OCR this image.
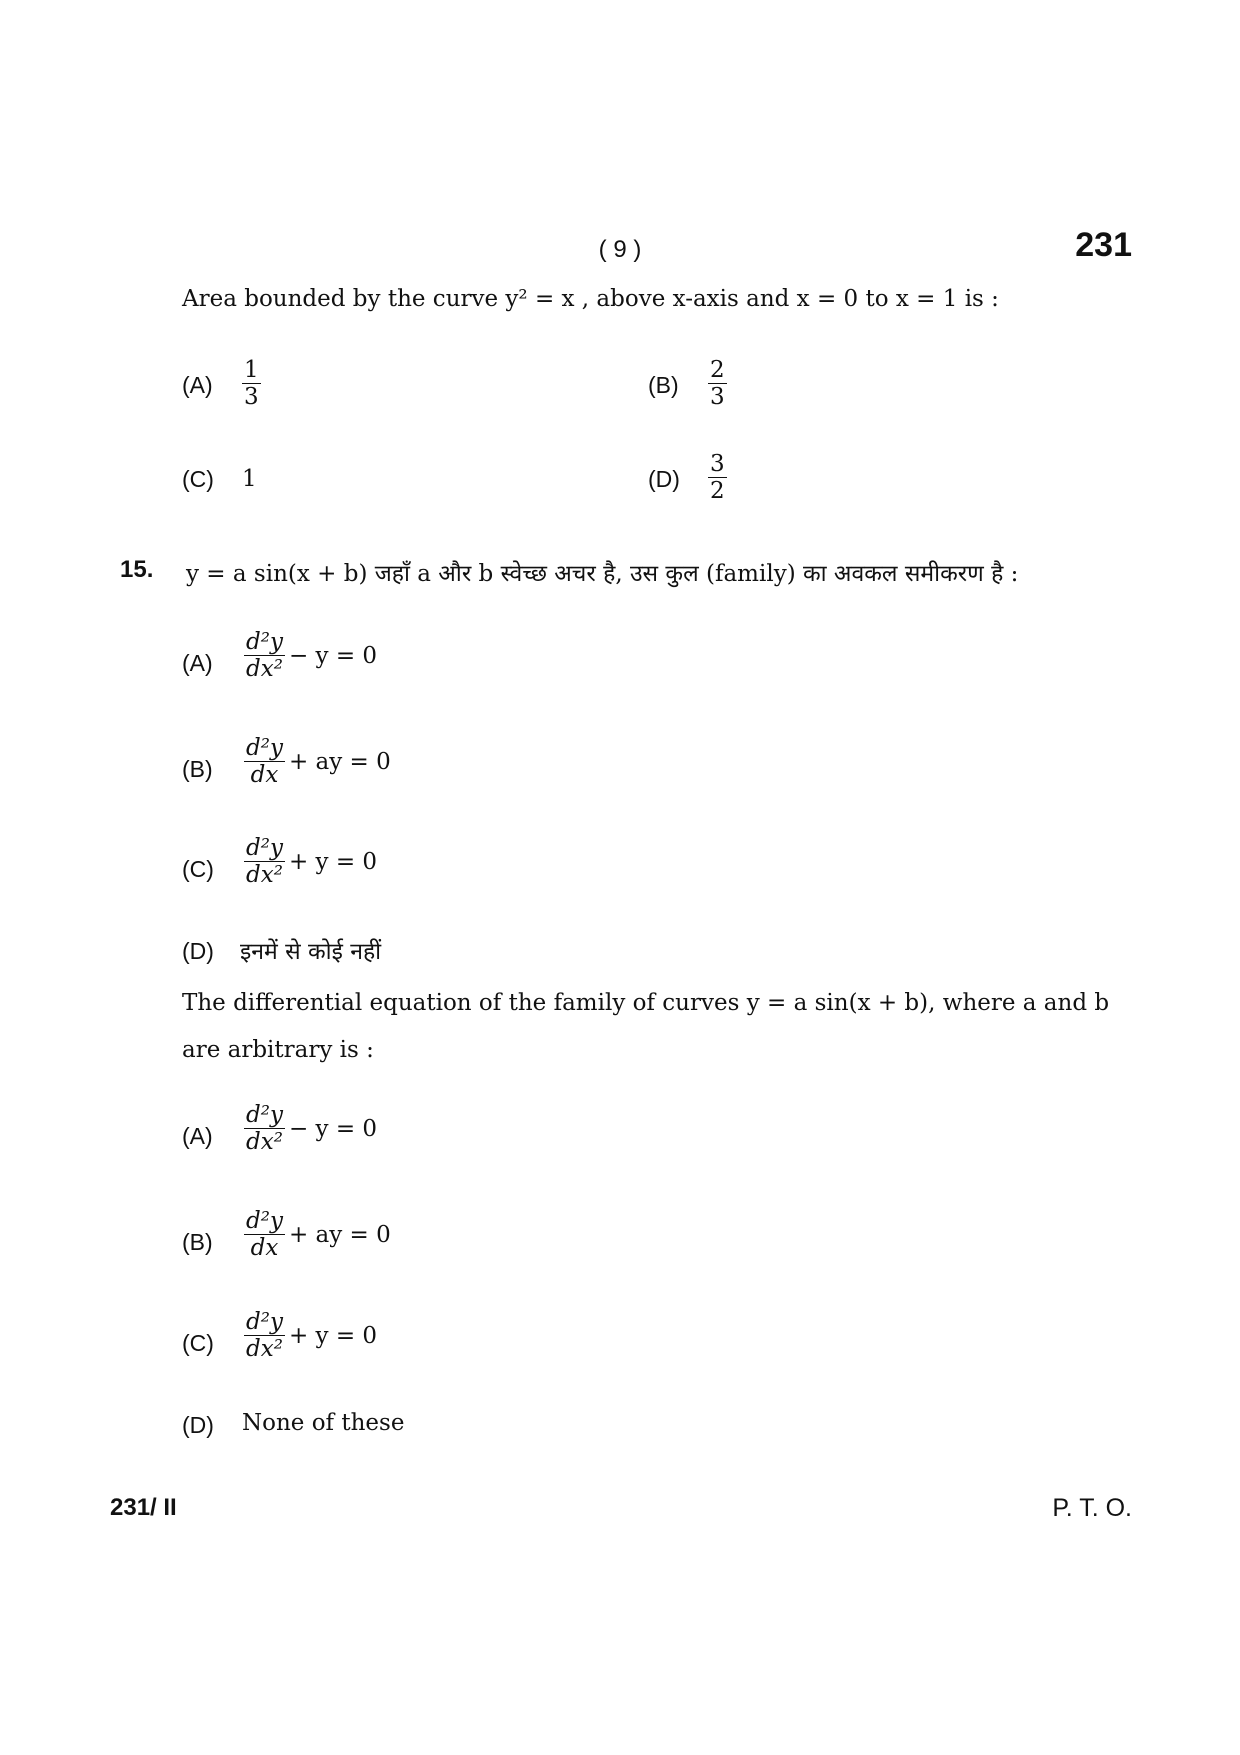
( 9 )	231
Area bounded by the curve y² = x , above x-axis and x = 0 to x = 1 is :
$(A) \frac{1}{3}$	$(B) \frac{2}{3}$
(C) 1	$(D) \frac{3}{2}$
15. y = a sin(x + b) जहाँ a और b स्वेच्छ अचर है, उस कुल (family) का अवकल समीकरण है :
$(A) \frac{\text{d²y}}{\text{dx²}} - y = 0$
$(B) \frac{\text{d²y}}{dx}$ + ay = 0
$(C) \frac{\text{d²y}}{\text{dx²}} + y = 0$
(D) इनमें से कोई नहीं
The differential equation of the family of curves y = a sin(x + b), where a and b
are arbitrary is :
$(A) \frac{\text{d²y}}{\text{dx²}} - y = 0$
$(B) \frac{\text{d²y}}{dx}$ + ay = 0
$(C) \frac{\text{d²y}}{\text{dx²}} + y = 0$
(D) None of these
231/ II	P. T. O.
